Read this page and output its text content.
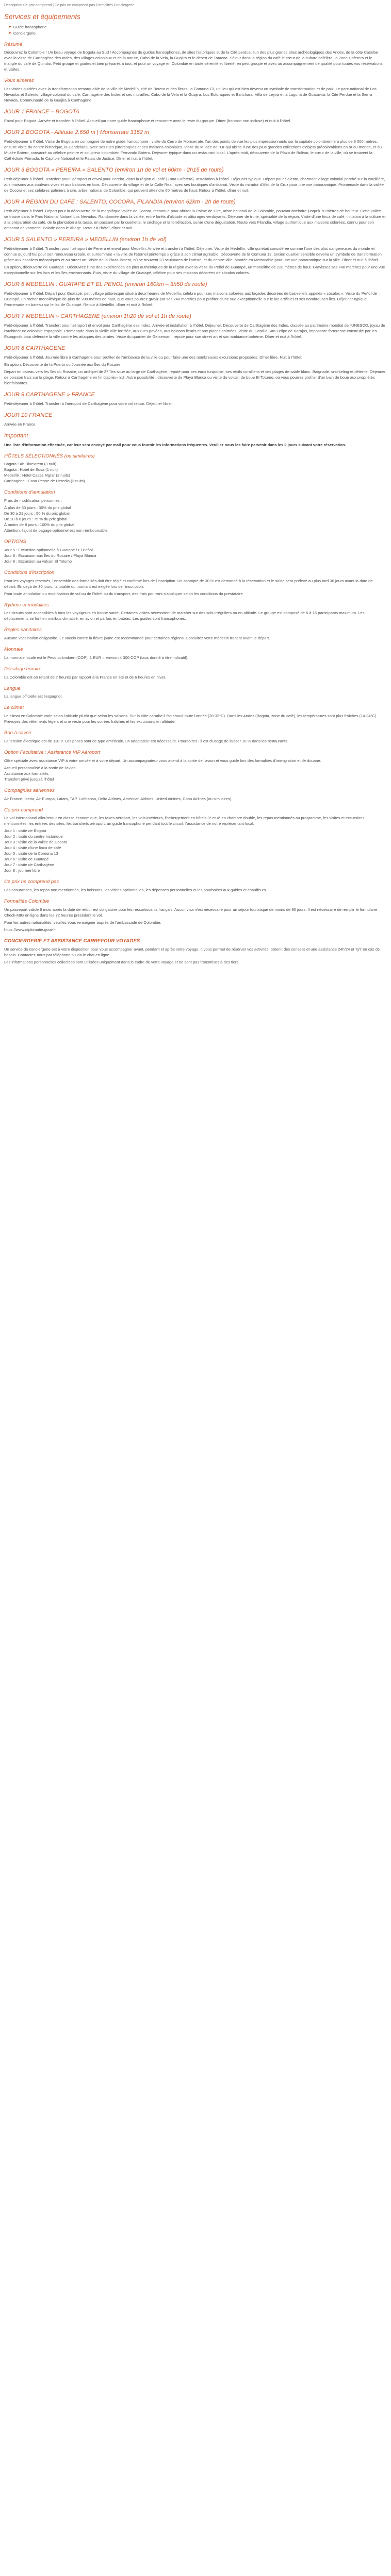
Description Ce prix comprend | Ce prix ne comprend pas Formalités Conciergerie
Services et équipements
▶ Guide francophone
▶ Conciergerie
Résumé

Découvrez la Colombie ! Un beau voyage de Bogota au Sud ! Accompagnés de guides francophones, de sites historiques et de la Cité perdue; l'un des plus grands sites archéologiques des Andes, de la côte Caraïbe avec la visite de Carthagène des Indes, des villages coloniaux et de la nature, Cabo de la Vela, la Guajira et le désert de Tatacoa. Séjour dans la région du café le cœur de la culture caféière, la Zone Cafetera et le triangle du café de Quindio. Petit groupe et guides et bien préparés à tout, et pour un voyage en Colombie en toute sérénité et liberté, en petit groupe et avec un accompagnement de qualité pour toutes vos réservations et visites.

Vous aimerez

Les visites guidées avec la transformation remarquable de la ville de Medellín, cité de Botero et des fleurs; la Comuna 13, un lieu qui est bien devenu un symbole de transformation et de paix. Le parc national de Los Nevados et Salento, village colonial du café, Carthagène des Indes et ses murailles, Cabo de la Vela et la Guajira, Los Estoraques et Barichara, Villa de Leyva et la Laguna de Guatavita, la Cité Perdue et la Sierra Nevada. Communauté de la Guajira à Carthagène.

JOUR 1 FRANCE – BOGOTA

Envol pour Bogota. Arrivée et transfert à l'hôtel. Accueil par notre guide francophone et rencontre avec le reste du groupe. Dîner (boisson non incluse) et nuit à l'hôtel.

JOUR 2 BOGOTA - Altitude 2.650 m | Monserrate 3152 m

Petit-déjeuner à l'hôtel. Visite de Bogota en compagnie de notre guide francophone : visite du Cerro de Monserrate, l'un des points de vue les plus impressionnants sur la capitale colombienne à plus de 3 000 mètres, ensuite visite du centre historique, la Candelaria, avec ses rues pittoresques et ses maisons coloniales. Visite du Musée de l'Or qui abrite l'une des plus grandes collections d'objets précolombiens en or au monde, et du Musée Botero, consacré au célèbre peintre et sculpteur colombien Fernando Botero. Déjeuner typique dans un restaurant local. L'après-midi, découverte de la Plaza de Bolívar, le cœur de la ville, où se trouvent la Cathédrale Primada, le Capitole National et le Palais de Justice. Dîner et nuit à l'hôtel.

JOUR 3 BOGOTA » PEREIRA » SALENTO (environ 1h de vol et 60km - 2h15 de route)

Petit-déjeuner à l'hôtel. Transfert pour l'aéroport et envol pour Pereira, dans la région du café (Zona Cafetera). Installation à l'hôtel. Déjeuner typique. Départ pour Salento, charmant village colonial perché sur la cordillère, aux maisons aux couleurs vives et aux balcons en bois. Découverte du village et de la Calle Real, avec ses boutiques d'artisanat. Visite du mirador d'Alto de la Cruz pour une vue panoramique. Promenade dans la vallée de Cocora et ses célèbres palmiers à cire, arbre national de Colombie, qui peuvent atteindre 60 mètres de haut. Retour à l'hôtel, dîner et nuit.

JOUR 4 REGION DU CAFE : SALENTO, COCORA, FILANDIA (environ 62km - 2h de route)

Petit-déjeuner à l'hôtel. Départ pour la découverte de la magnifique Vallée de Cocora, reconnue pour abriter la Palme de Cire, arbre national de la Colombie, pouvant atteindre jusqu'à 70 mètres de hauteur. Cette vallée se trouve dans le Parc National Naturel Los Nevados. Randonnée dans la vallée, entre forêts d'altitude et pâturages verdoyants. Déjeuner de truite, spécialité de la région. Visite d'une finca de café, initiation à la culture et à la préparation du café, de la plantation à la tasse, en passant par la cueillette, le séchage et la torréfaction, suivie d'une dégustation. Route vers Filandia, village authentique aux maisons colorées, connu pour son artisanat de vannerie. Balade dans le village. Retour à l'hôtel, dîner et nuit.

JOUR 5 SALENTO » PEREIRA » MEDELLIN (environ 1h de vol)

Petit-déjeuner à l'hôtel. Transfert pour l'aéroport de Pereira et envol pour Medellín. Arrivée et transfert à l'hôtel. Déjeuner. Visite de Medellín, ville qui était considérée comme l'une des plus dangereuses du monde et connue aujourd'hui pour son renouveau urbain, et surnommée « la ville de l'éternel printemps » grâce à son climat agréable. Découverte de la Comuna 13, ancien quartier sensible devenu un symbole de transformation grâce aux escaliers mécaniques et au street art. Visite de la Plaza Botero, où se trouvent 23 sculptures de l'artiste, et du centre-ville. Montée en Metrocable pour une vue panoramique sur la ville. Dîner et nuit à l'hôtel.

En option, découverte de Guatapé : Découvrez l'une des expériences les plus authentiques de la région avec la visite du Peñol de Guatapé, un monolithe de 220 mètres de haut. Gravissez ses 740 marches pour une vue exceptionnelle sur les lacs et les îles environnants. Puis, visite du village de Guatapé, célèbre pour ses maisons décorées de zócalos colorés.

JOUR 6 MEDELLIN : GUATAPE ET EL PENOL (environ 160km – 3h50 de route)

Petit-déjeuner à l'hôtel. Départ pour Guatapé, petit village pittoresque situé à deux heures de Medellín, célèbre pour ses maisons colorées aux façades décorées de bas-reliefs appelés « zócalos ». Visite du Peñol de Guatapé, un rocher monolithique de plus de 200 mètres de haut, que vous pourrez gravir par ses 740 marches pour profiter d'une vue exceptionnelle sur le lac artificiel et ses nombreuses îles. Déjeuner typique. Promenade en bateau sur le lac de Guatapé. Retour à Medellín, dîner et nuit à l'hôtel.

JOUR 7 MEDELLIN » CARTHAGENE (environ 1h20 de vol et 1h de route)

Petit-déjeuner à l'hôtel. Transfert pour l'aéroport et envol pour Carthagène des Indes. Arrivée et installation à l'hôtel. Déjeuner. Découverte de Carthagène des Indes, classée au patrimoine mondial de l'UNESCO, joyau de l'architecture coloniale espagnole. Promenade dans la vieille ville fortifiée, aux rues pavées, aux balcons fleuris et aux places animées. Visite du Castillo San Felipe de Barajas, imposante forteresse construite par les Espagnols pour défendre la ville contre les attaques des pirates. Visite du quartier de Getsemaní, réputé pour son street art et son ambiance bohème. Dîner et nuit à l'hôtel.

JOUR 8 CARTHAGENE

Petit-déjeuner à l'hôtel. Journée libre à Carthagène pour profiter de l'ambiance de la ville ou pour faire une des nombreuses excursions proposées. Dîner libre. Nuit à l'hôtel.

En option, Découverte de la Puerto ou Journée aux Îles du Rosaire :

Départ en bateau vers les îles du Rosaire, un archipel de 27 îles situé au large de Carthagène, réputé pour ses eaux turquoise, ses récifs coralliens et ses plages de sable blanc. Baignade, snorkeling et détente. Déjeuner de poisson frais sur la plage. Retour à Carthagène en fin d'après-midi. Autre possibilité : découverte de Playa Blanca ou visite du volcan de boue El Totumo, où vous pourrez profiter d'un bain de boue aux propriétés bienfaisantes.

JOUR 9 CARTHAGENE » FRANCE

Petit-déjeuner à l'hôtel. Transfert à l'aéroport de Carthagène pour votre vol retour. Déjeuner libre.

JOUR 10 FRANCE

Arrivée en France.

Important

Une liste d'information effectuée, car leur sera envoyé par mail pour vous fournir les informations fréquentes. Veuillez nous les faire parvenir dans les 2 jours suivant votre réservation.

HÔTELS SÉLECTIONNÉS (ou similaires)

Bogota : Ab Bioextrem (3 nuit)

Bogota : Hotel de Sosa (1 nuit)

Medellín : Hotel Cassa Mgrar (2 nuits)

Carthagène : Casa Pestre de Heredia (3 nuits)

Conditions d'annulation

Frais de modification personnes :

À plus de 30 jours : 30% du prix global

De 30 à 21 jours : 50 % du prix global

De 20 à 8 jours : 75 % du prix global

À moins de 8 jours : 100% du prix global

Attention, l'ajout de bagage optionnel est non remboursable.

OPTIONS

Jour 5 : Excursion optionnelle à Guatapé / El Peñol

Jour 8 : Excursion aux Îles du Rosaire / Playa Blanca

Jour 8 : Excursion au volcan El Totumo

Conditions d'inscription

Pour les voyages réservés, l'ensemble des formalités doit être réglé et confirmé lors de l'inscription. Un acompte de 30 % est demandé à la réservation et le solde sera prélevé au plus tard 30 jours avant la date de départ. En deçà de 30 jours, la totalité du montant est exigée lors de l'inscription.

Pour toute annulation ou modification de vol ou de l'hôtel ou du transport, des frais pourront s'appliquer selon les conditions du prestataire.

Rythme et modalités

Les circuits sont accessibles à tous les voyageurs en bonne santé. Certaines visites nécessitent de marcher sur des sols irréguliers ou en altitude. Le groupe est composé de 6 à 16 participants maximum. Les déplacements se font en minibus climatisé, en avion et parfois en bateau. Les guides sont francophones.

Règles sanitaires

Aucune vaccination obligatoire. Le vaccin contre la fièvre jaune est recommandé pour certaines régions. Consultez votre médecin traitant avant le départ.

Monnaie

La monnaie locale est le Peso colombien (COP). 1 EUR = environ 4 300 COP (taux donné à titre indicatif).

Décalage horaire

La Colombie est en retard de 7 heures par rapport à la France en été et de 6 heures en hiver.

Langue

La langue officielle est l'espagnol.

Le climat

Le climat en Colombie varie selon l'altitude plutôt que selon les saisons. Sur la côte caraïbe il fait chaud toute l'année (28-32°C). Dans les Andes (Bogota, zone du café), les températures sont plus fraîches (14-24°C). Prévoyez des vêtements légers et une veste pour les soirées fraîches et les excursions en altitude.

Bon à savoir

La tension électrique est de 110 V. Les prises sont de type américain, un adaptateur est nécessaire. Pourboires : il est d'usage de laisser 10 % dans les restaurants.

Option Facultative : Assistance VIP Aéroport

Offre spéciale avec assistance VIP à votre arrivée et à votre départ. Un accompagnateur vous attend à la sortie de l'avion et vous guide lors des formalités d'immigration et de douane.

Accueil personnalisé à la sortie de l'avion

Assistance aux formalités

Transfert privé jusqu'à l'hôtel

Compagnies aériennes

Air France, Iberia, Air Europa, Latam, TAP, Lufthansa, Delta Airlines, American Airlines, United Airlines, Copa Airlines (ou similaires).

Ce prix comprend

Le vol international aller/retour en classe économique, les taxes aéroport, les vols intérieurs, l'hébergement en hôtels 3* et 4* en chambre double, les repas mentionnés au programme, les visites et excursions mentionnées, les entrées des sites, les transferts aéroport, un guide francophone pendant tout le circuit, l'assistance de notre représentant local.

Jour 1 : visite de Bogota

Jour 2 : visite du centre historique

Jour 3 : visite de la vallée de Cocora

Jour 4 : visite d'une finca de café

Jour 5 : visite de la Comuna 13

Jour 6 : visite de Guatapé

Jour 7 : visite de Carthagène

Jour 8 : journée libre

Ce prix ne comprend pas

Les assurances, les repas non mentionnés, les boissons, les visites optionnelles, les dépenses personnelles et les pourboires aux guides et chauffeurs.

Formalités Colombie

Un passeport valide 6 mois après la date de retour est obligatoire pour les ressortissants français. Aucun visa n'est nécessaire pour un séjour touristique de moins de 90 jours. Il est nécessaire de remplir le formulaire Check-MIG en ligne dans les 72 heures précédant le vol.

Pour les autres nationalités, veuillez vous renseigner auprès de l'ambassade de Colombie.

https://www.diplomatie.gouv.fr

CONCIERGERIE ET ASSISTANCE CARREFOUR VOYAGES

Un service de conciergerie est à votre disposition pour vous accompagner avant, pendant et après votre voyage. Il vous permet de réserver vos activités, obtenir des conseils et une assistance 24h/24 et 7j/7 en cas de besoin. Contactez-nous par téléphone ou via le chat en ligne.

Les informations personnelles collectées sont utilisées uniquement dans le cadre de votre voyage et ne sont pas transmises à des tiers.
